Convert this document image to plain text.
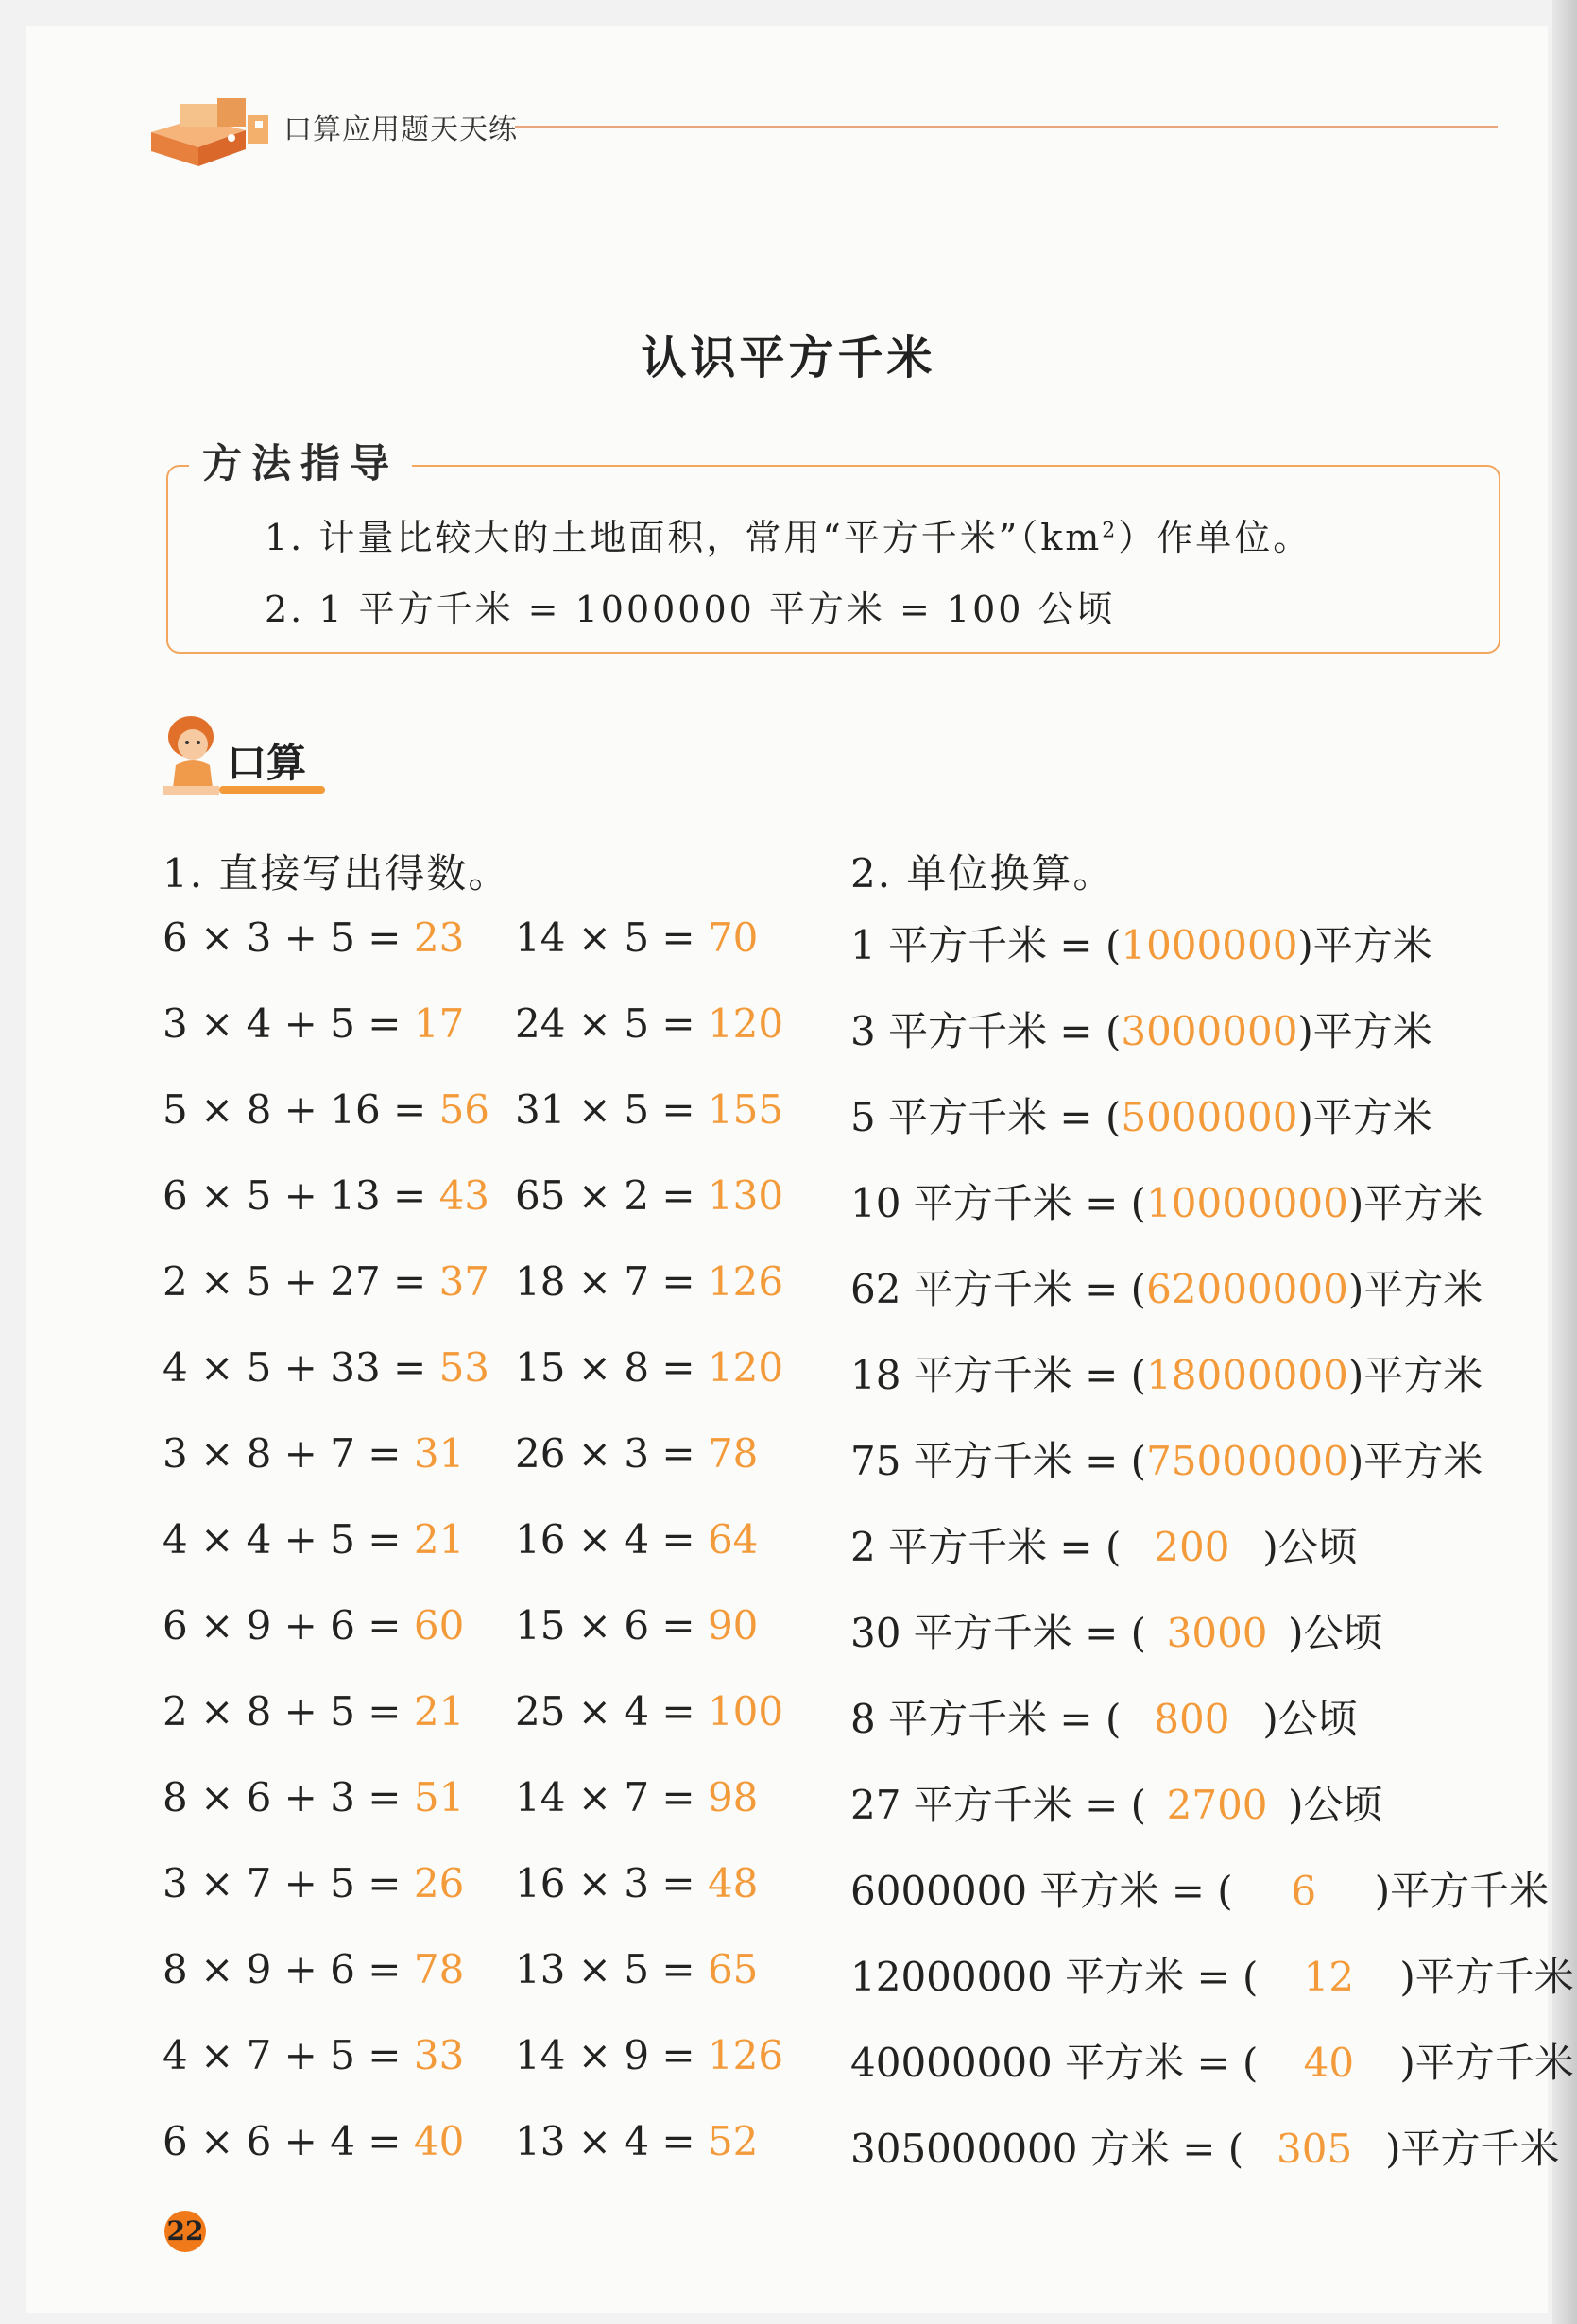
口算应用题天天练
认识平方千米
方法指导
1. 计量比较大的土地面积，常用“平方千米$”(km^2)$作单位。
2. 1 平方千米 = 1000000 平方米 = 100 公顷
口算
1. 直接写出得数。	2. 单位换算。
6 × 3 + 5 = 23
3 × 4 + 5 = 17
5 × 8 + 16 = 56
6 × 5 + 13 = 43
2 × 5 + 27 = 37
4 × 5 + 33 = 53
3 × 8 + 7 = 31
4 × 4 + 5 = 21
6 × 9 + 6 = 60
2 × 8 + 5 = 21
8 × 6 + 3 = 51
3 × 7 + 5 = 26
8 × 9 + 6 = 78
4 × 7 + 5 = 33
6 × 6 + 4 = 40
14 × 5 = 70
24 × 5 = 120
31 × 5 = 155
65 × 2 = 130
18 × 7 = 126
15 × 8 = 120
26 × 3 = 78
16 × 4 = 64
15 × 6 = 90
25 × 4 = 100
14 × 7 = 98
16 × 3 = 48
13 × 5 = 65
14 × 9 = 126
13 × 4 = 52
1 平方千米 = (1000000)平方米
3 平方千米 = (3000000)平方米
5 平方千米 = (5000000)平方米
10 平方千米 = (10000000)平方米
62 平方千米 = (62000000)平方米
18 平方千米 = (18000000)平方米
75 平方千米 = (75000000)平方米
2 平方千米 = ( 200 )公顷
30 平方千米 = ( 3000 )公顷
8 平方千米 = ( 800 )公顷
27 平方千米 = ( 2700 )公顷
6000000 平方米 = ( 6 )平方千米
12000000 平方米 = ( 12 )平方千米
40000000 平方米 = ( 40 )平方千米
305000000 方米 = ( 305 )平方千米
22
